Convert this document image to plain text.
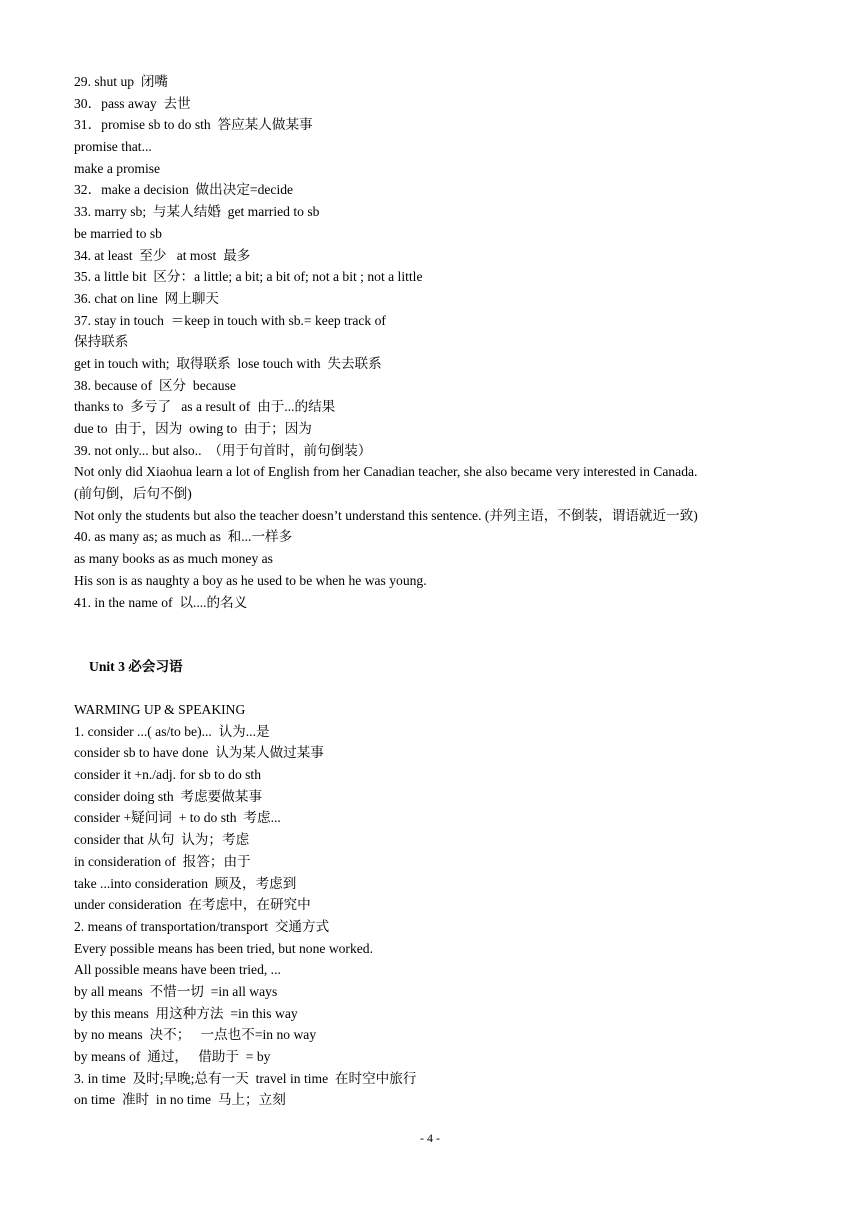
29. shut up  闭嘴
30．pass away  去世
31．promise sb to do sth  答应某人做某事
promise that...
make a promise
32．make a decision  做出决定=decide
33. marry sb;  与某人结婚  get married to sb
be married to sb
34. at least  至少   at most  最多
35. a little bit  区分：a little; a bit; a bit of; not a bit ; not a little
36. chat on line  网上聊天
37. stay in touch  ＝keep in touch with sb.= keep track of
保持联系
get in touch with;  取得联系  lose touch with  失去联系
38. because of  区分  because
thanks to  多亏了   as a result of  由于...的结果
due to  由于，因为  owing to  由于；因为
39. not only... but also..  （用于句首时，前句倒装）
Not only did Xiaohua learn a lot of English from her Canadian teacher, she also became very interested in Canada.
(前句倒，后句不倒)
Not only the students but also the teacher doesn’t understand this sentence. (并列主语，不倒装，谓语就近一致)
40. as many as; as much as  和...一样多
as many books as as much money as
His son is as naughty a boy as he used to be when he was young.
41. in the name of  以....的名义
Unit 3 必会习语
WARMING UP & SPEAKING
1. consider ...( as/to be)...  认为...是
consider sb to have done  认为某人做过某事
consider it +n./adj. for sb to do sth
consider doing sth  考虑要做某事
consider +疑问词  + to do sth  考虑...
consider that 从句  认为；考虑
in consideration of  报答；由于
take ...into consideration  顾及，考虑到
under consideration  在考虑中，在研究中
2. means of transportation/transport  交通方式
Every possible means has been tried, but none worked.
All possible means have been tried, ...
by all means  不惜一切  =in all ways
by this means  用这种方法  =in this way
by no means  决不；   一点也不=in no way
by means of  通过，   借助于  = by
3. in time  及时;早晚;总有一天  travel in time  在时空中旅行
on time  准时  in no time  马上；立刻
- 4 -
